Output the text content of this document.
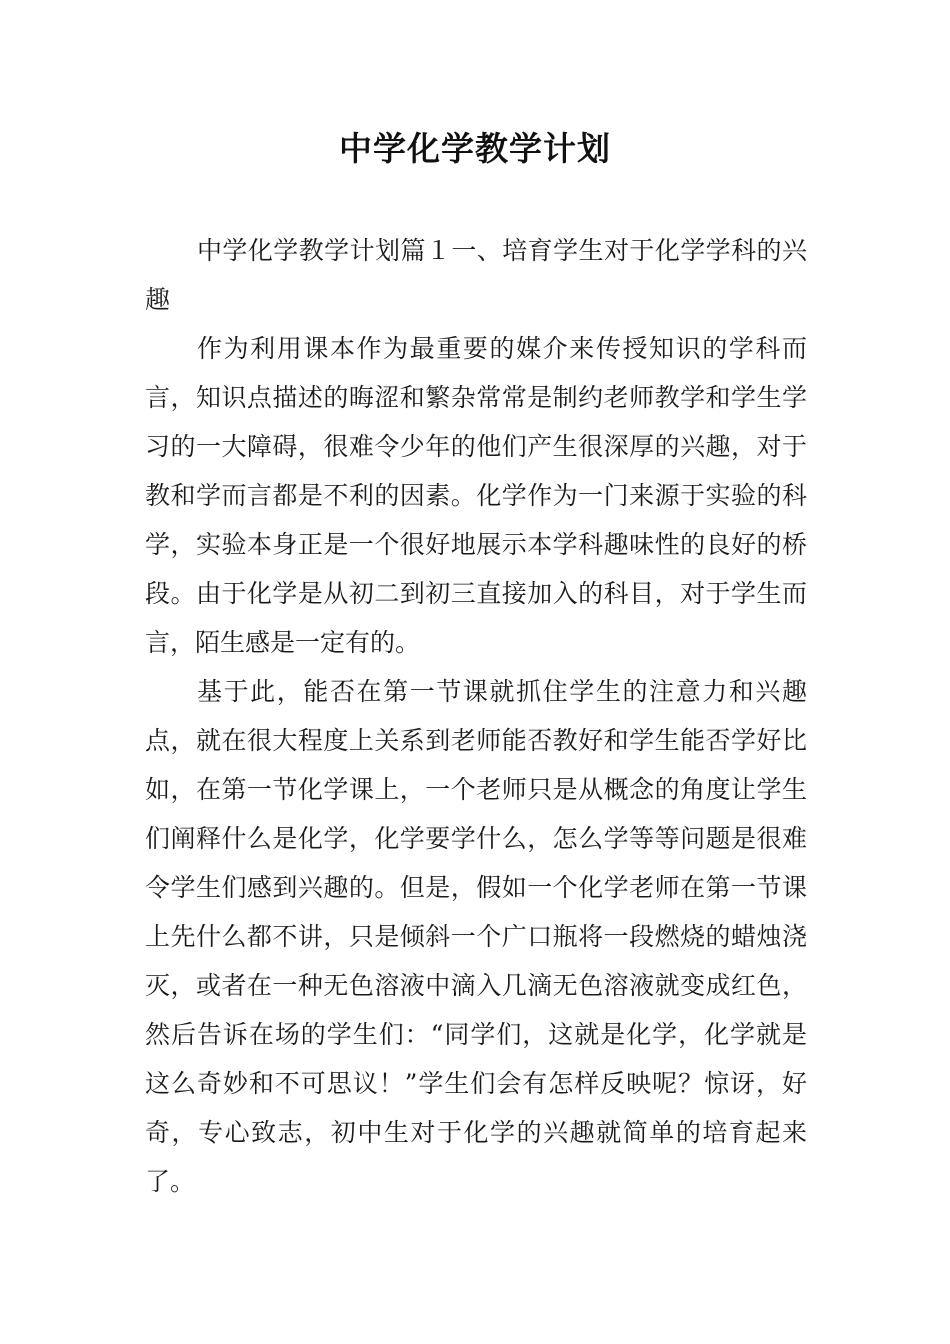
中学化学教学计划

中学化学教学计划篇１一、培育学生对于化学学科的兴趣

作为利用课本作为最重要的媒介来传授知识的学科而言，知识点描述的晦涩和繁杂常常是制约老师教学和学生学习的一大障碍，很难令少年的他们产生很深厚的兴趣，对于教和学而言都是不利的因素。化学作为一门来源于实验的科学，实验本身正是一个很好地展示本学科趣味性的良好的桥段。由于化学是从初二到初三直接加入的科目，对于学生而言，陌生感是一定有的。

基于此，能否在第一节课就抓住学生的注意力和兴趣点，就在很大程度上关系到老师能否教好和学生能否学好比如，在第一节化学课上，一个老师只是从概念的角度让学生们阐释什么是化学，化学要学什么，怎么学等等问题是很难令学生们感到兴趣的。但是，假如一个化学老师在第一节课上先什么都不讲，只是倾斜一个广口瓶将一段燃烧的蜡烛浇灭，或者在一种无色溶液中滴入几滴无色溶液就变成红色，然后告诉在场的学生们：“同学们，这就是化学，化学就是这么奇妙和不可思议！”学生们会有怎样反映呢？惊讶，好奇，专心致志，初中生对于化学的兴趣就简单的培育起来了。
